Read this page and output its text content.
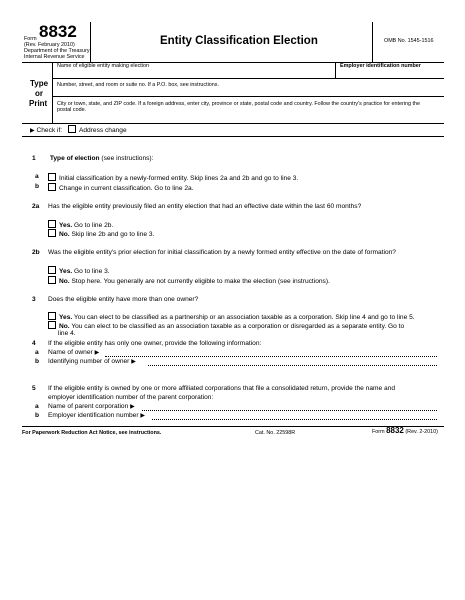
Form 8832
(Rev. February 2010)
Department of the Treasury
Internal Revenue Service
Entity Classification Election	OMB No. 1545-1516
Type
or
Print
Name of eligible entity making election	Employer identification number
Number, street, and room or suite no. If a P.O. box, see instructions.
City or town, state, and ZIP code. If a foreign address, enter city, province or state, postal code and country. Follow the country's practice for entering the
postal code.
▶ Check if:	Address change
1 Type of election (see instructions):
a	Initial classification by a newly-formed entity. Skip lines 2a and 2b and go to line 3.
b	Change in current classification. Go to line 2a.
2a Has the eligible entity previously filed an entity election that had an effective date within the last 60 months?
Yes. Go to line 2b.
No. Skip line 2b and go to line 3.
2b Was the eligible entity's prior election for initial classification by a newly formed entity effective on the date of formation?
Yes. Go to line 3.
No. Stop here. You generally are not currently eligible to make the election (see instructions).
3 Does the eligible entity have more than one owner?
Yes. You can elect to be classified as a partnership or an association taxable as a corporation. Skip line 4 and go to line 5.
No. You can elect to be classified as an association taxable as a corporation or disregarded as a separate entity. Go to
line 4.
4 If the eligible entity has only one owner, provide the following information:
a Name of owner ▶
b Identifying number of owner ▶
5 If the eligible entity is owned by one or more affiliated corporations that file a consolidated return, provide the name and
employer identification number of the parent corporation:
a Name of parent corporation ▶
b Employer identification number ▶
For Paperwork Reduction Act Notice, see instructions.	Cat. No. 22598R	Form 8832 (Rev. 2-2010)
